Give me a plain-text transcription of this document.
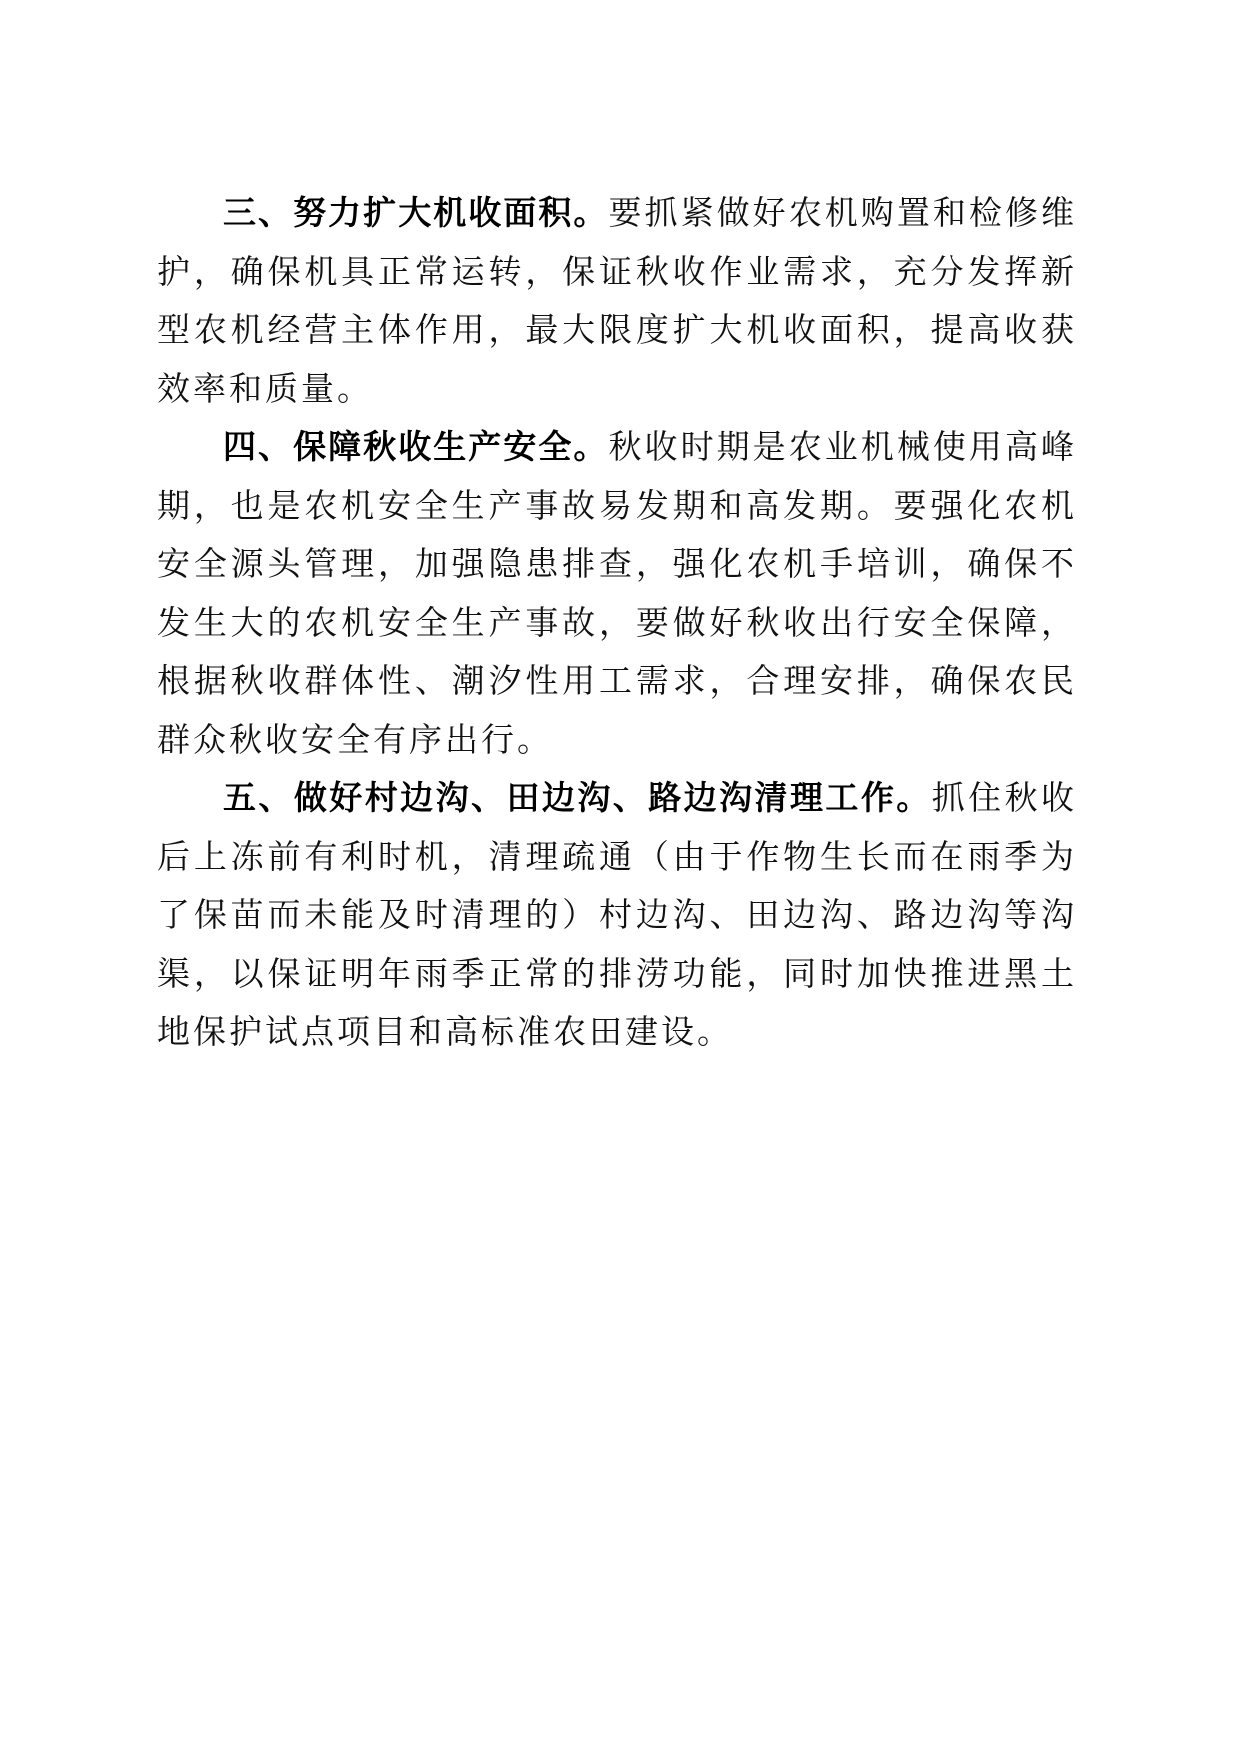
三、努力扩大机收面积。要抓紧做好农机购置和检修维护，确保机具正常运转，保证秋收作业需求，充分发挥新型农机经营主体作用，最大限度扩大机收面积，提高收获效率和质量。

四、保障秋收生产安全。秋收时期是农业机械使用高峰期，也是农机安全生产事故易发期和高发期。要强化农机安全源头管理，加强隐患排查，强化农机手培训，确保不发生大的农机安全生产事故，要做好秋收出行安全保障，根据秋收群体性、潮汐性用工需求，合理安排，确保农民群众秋收安全有序出行。

五、做好村边沟、田边沟、路边沟清理工作。抓住秋收后上冻前有利时机，清理疏通（由于作物生长而在雨季为了保苗而未能及时清理的）村边沟、田边沟、路边沟等沟渠，以保证明年雨季正常的排涝功能，同时加快推进黑土地保护试点项目和高标准农田建设。
